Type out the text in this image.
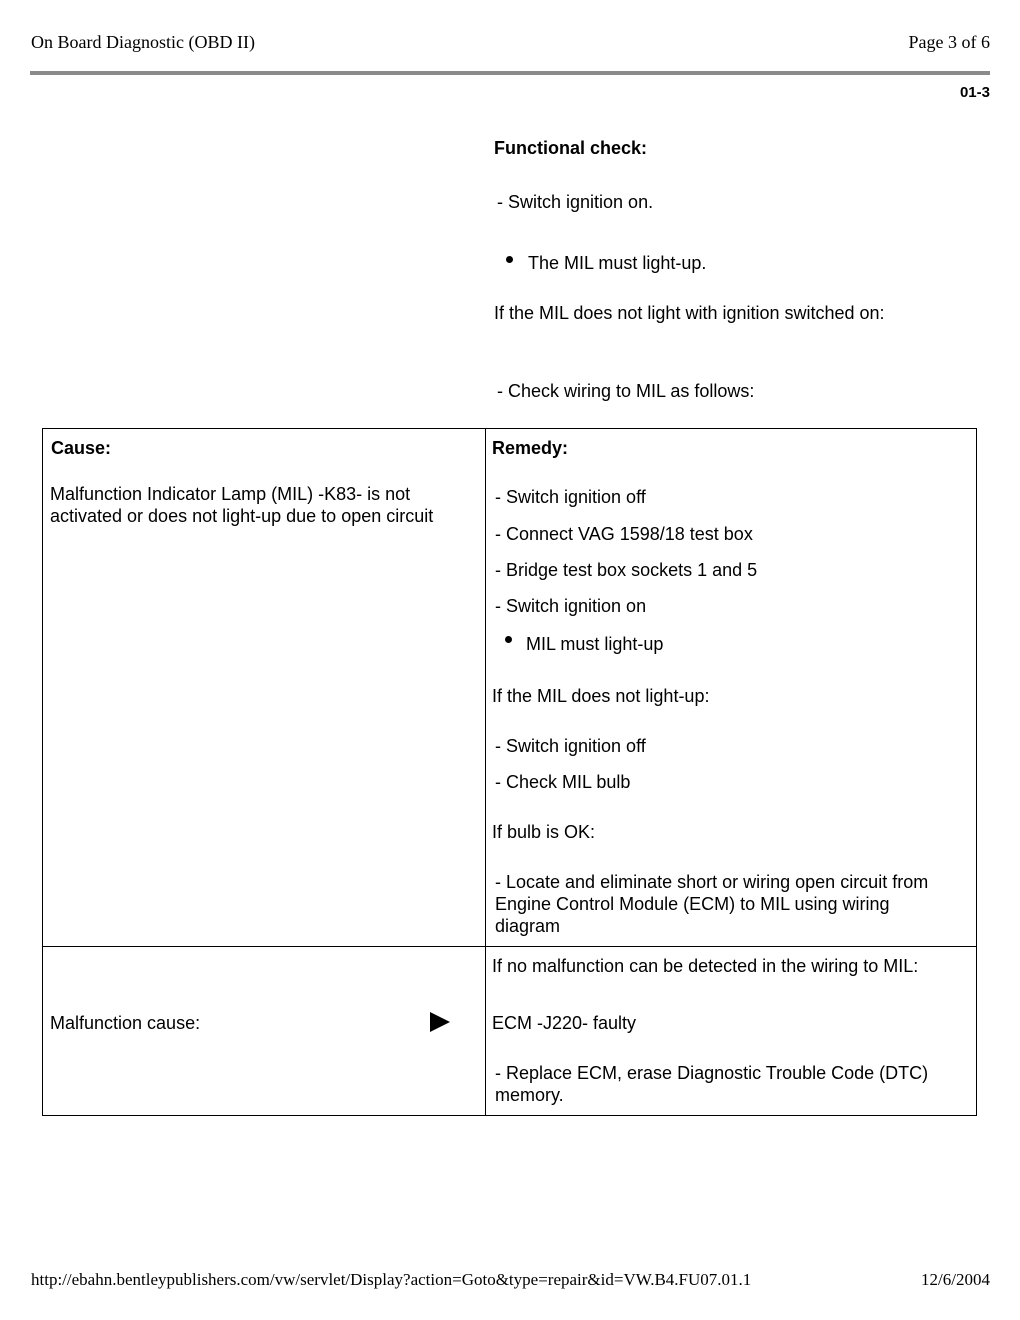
On Board Diagnostic (OBD II)	Page 3 of 6
01-3
Functional check:
- Switch ignition on.
The MIL must light-up.
If the MIL does not light with ignition switched on:
- Check wiring to MIL as follows:
Cause:
Malfunction Indicator Lamp (MIL) -K83- is not activated or does not light-up due to open circuit
Remedy:
- Switch ignition off
- Connect VAG 1598/18 test box
- Bridge test box sockets 1 and 5
- Switch ignition on
MIL must light-up
If the MIL does not light-up:
- Switch ignition off
- Check MIL bulb
If bulb is OK:
- Locate and eliminate short or wiring open circuit from Engine Control Module (ECM) to MIL using wiring diagram
Malfunction cause:
If no malfunction can be detected in the wiring to MIL:
ECM -J220- faulty
- Replace ECM, erase Diagnostic Trouble Code (DTC) memory.
http://ebahn.bentleypublishers.com/vw/servlet/Display?action=Goto&type=repair&id=VW.B4.FU07.01.1	12/6/2004
